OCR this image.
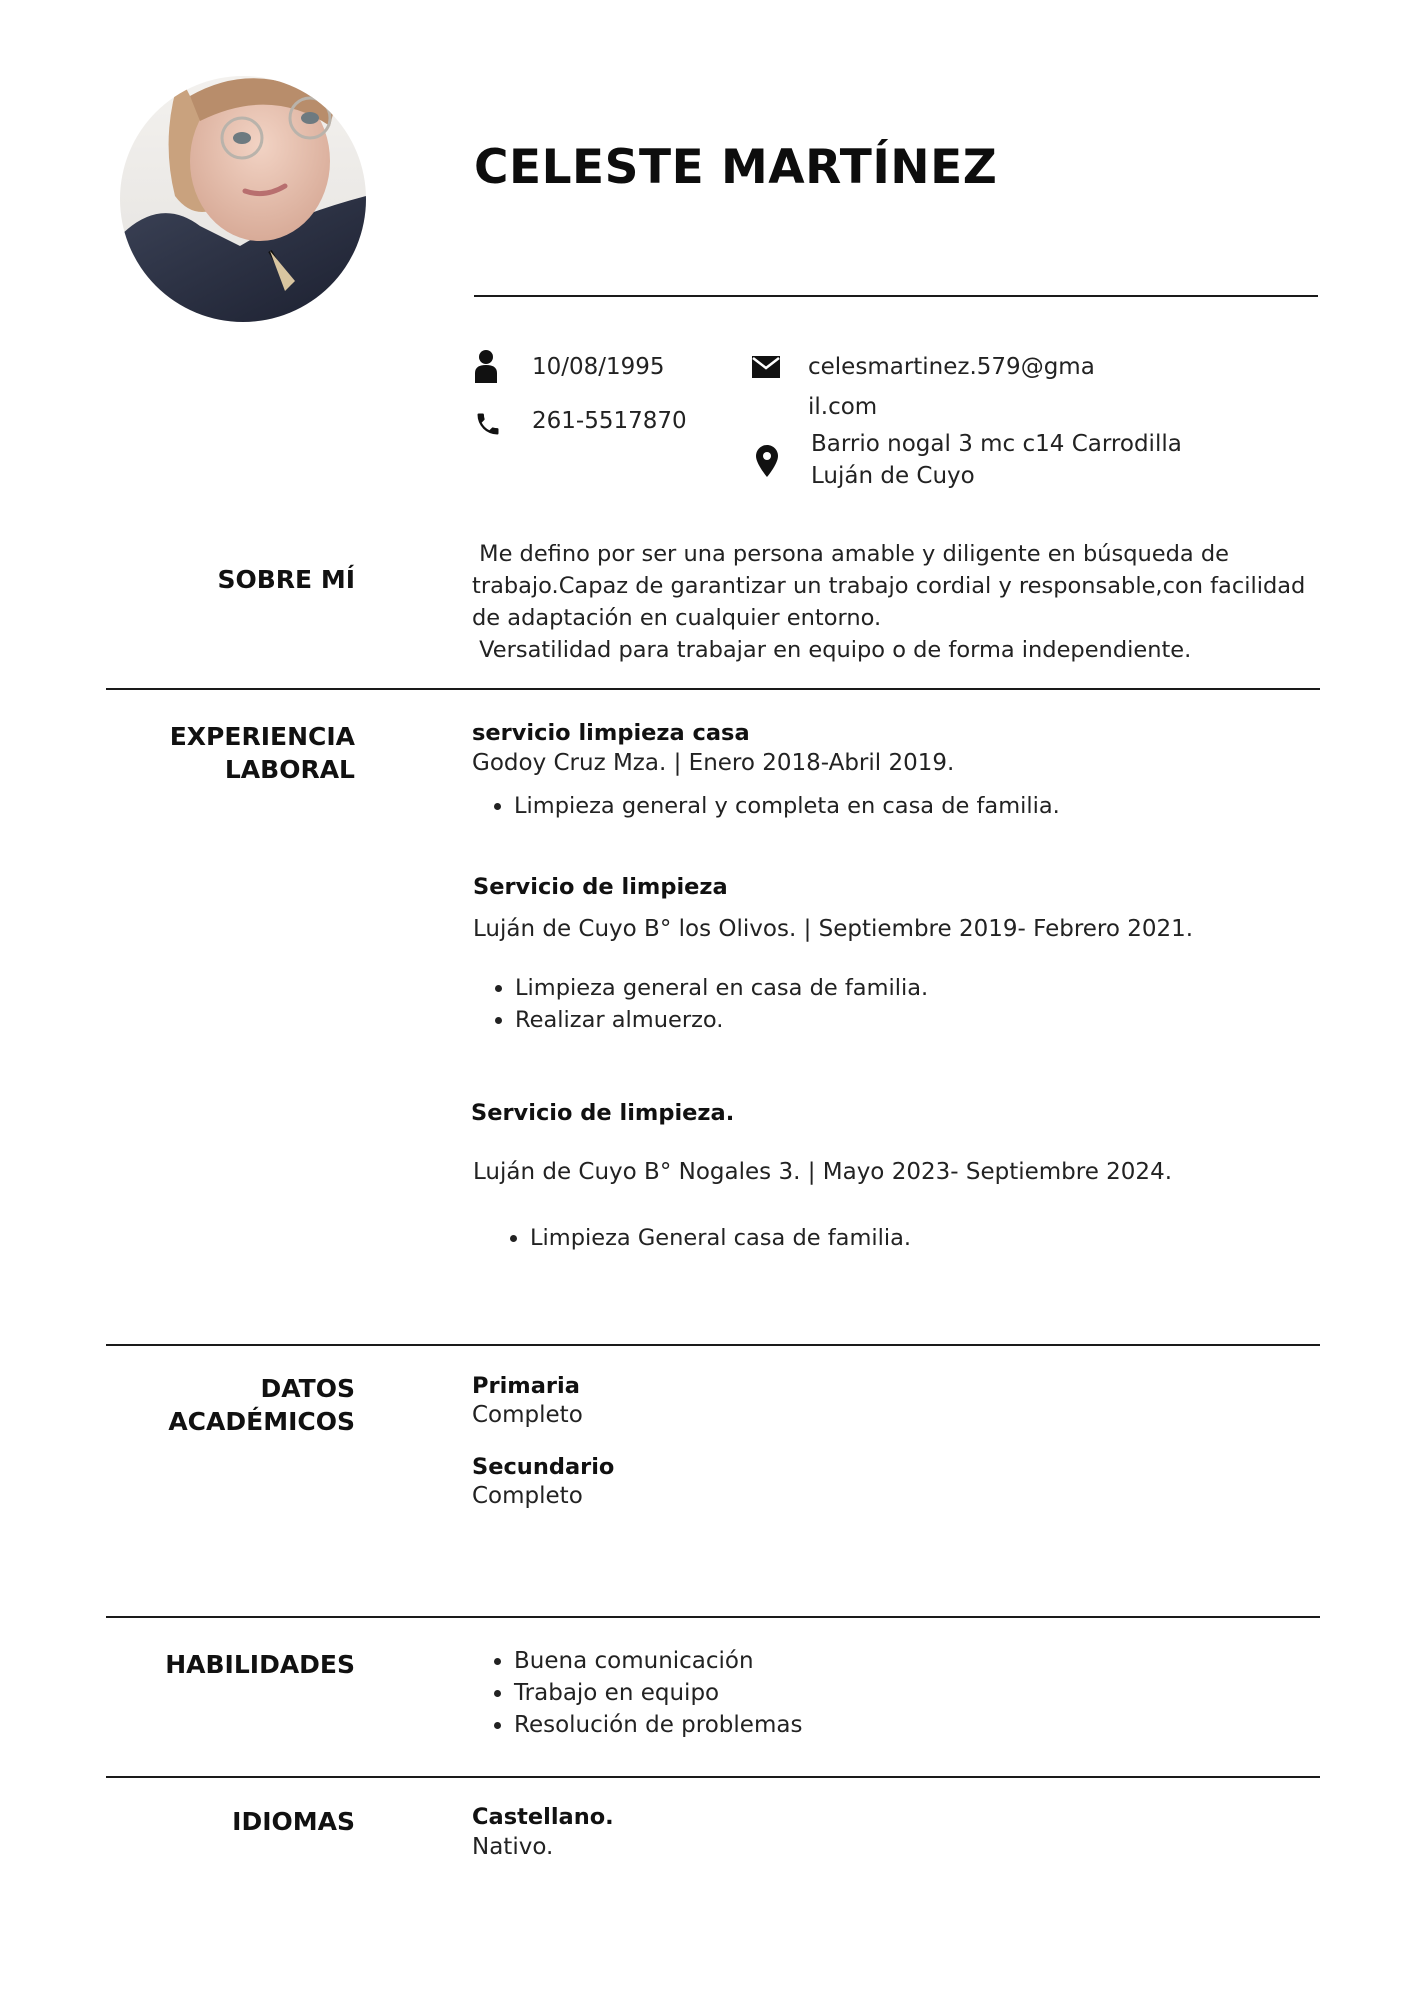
CELESTE MARTÍNEZ
10/08/1995
261-5517870
celesmartinez.579@gma
il.com
Barrio nogal 3 mc c14 Carrodilla
Luján de Cuyo
SOBRE MÍ
Me defino por ser una persona amable y diligente en búsqueda de
trabajo.Capaz de garantizar un trabajo cordial y responsable,con facilidad
de adaptación en cualquier entorno.
Versatilidad para trabajar en equipo o de forma independiente.
EXPERIENCIA
LABORAL
servicio limpieza casa
Godoy Cruz Mza. | Enero 2018-Abril 2019.
• Limpieza general y completa en casa de familia.
Servicio de limpieza
Luján de Cuyo B° los Olivos. | Septiembre 2019- Febrero 2021.
• Limpieza general en casa de familia.
• Realizar almuerzo.
Servicio de limpieza.
Luján de Cuyo B° Nogales 3. | Mayo 2023- Septiembre 2024.
• Limpieza General casa de familia.
DATOS
ACADÉMICOS
Primaria
Completo
Secundario
Completo
HABILIDADES
•	Buena comunicación
• Trabajo en equipo
• Resolución de problemas
IDIOMAS	Castellano.
Nativo.
